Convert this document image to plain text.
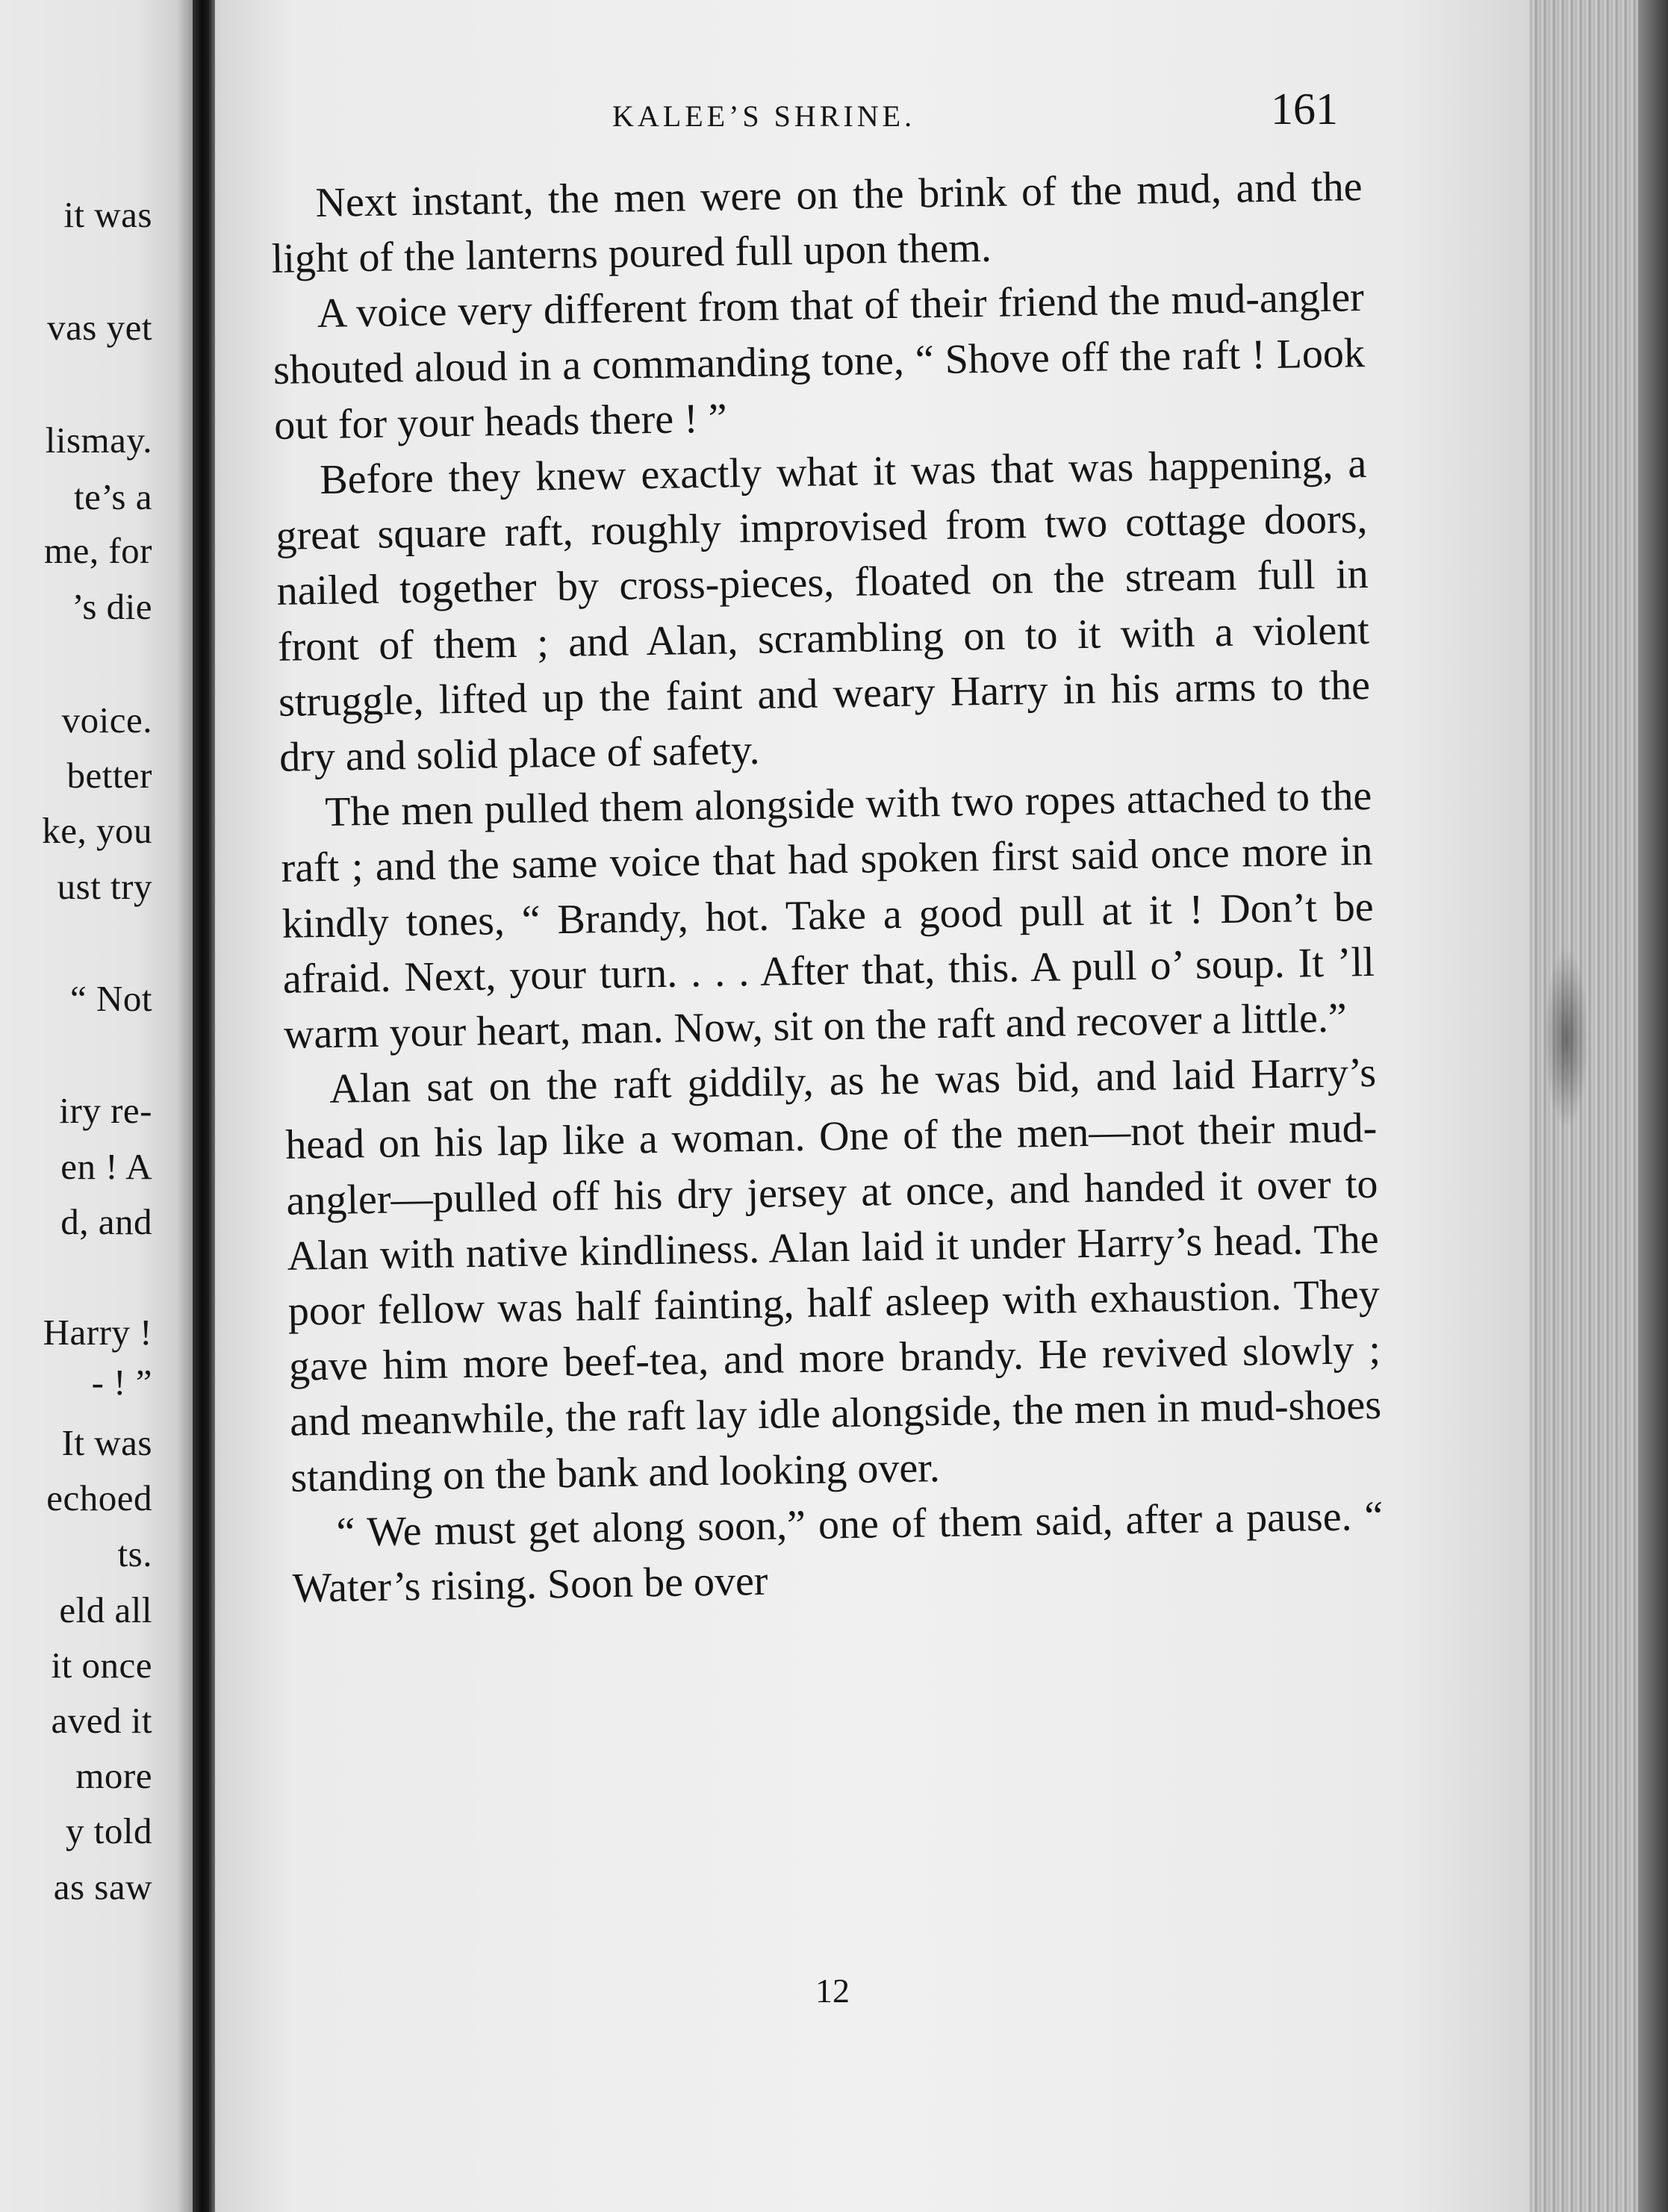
it was
vas yet
lismay.
te’s a
me, for
’s die
voice.
better
ke, you
ust try
“ Not
iry re-
en ! A
d, and
Harry !
- ! ”
It was
echoed
ts.
eld all
it once
aved it
more
y told
as saw
KALEE’S SHRINE.	161

Next instant, the men were on the brink of the mud, and the light of the lanterns poured full upon them.

A voice very different from that of their friend the mud-angler shouted aloud in a commanding tone, “ Shove off the raft ! Look out for your heads there ! ”

Before they knew exactly what it was that was happening, a great square raft, roughly improvised from two cottage doors, nailed together by cross-pieces, floated on the stream full in front of them ; and Alan, scrambling on to it with a violent struggle, lifted up the faint and weary Harry in his arms to the dry and solid place of safety.

The men pulled them alongside with two ropes attached to the raft ; and the same voice that had spoken first said once more in kindly tones, “ Brandy, hot. Take a good pull at it ! Don’t be afraid. Next, your turn. . . . After that, this. A pull o’ soup. It ’ll warm your heart, man. Now, sit on the raft and recover a little.”

Alan sat on the raft giddily, as he was bid, and laid Harry’s head on his lap like a woman. One of the men—not their mud-angler—pulled off his dry jersey at once, and handed it over to Alan with native kindliness. Alan laid it under Harry’s head. The poor fellow was half fainting, half asleep with exhaustion. They gave him more beef-tea, and more brandy. He revived slowly ; and meanwhile, the raft lay idle alongside, the men in mud-shoes standing on the bank and looking over.

“ We must get along soon,” one of them said, after a pause. “ Water’s rising. Soon be over

12
